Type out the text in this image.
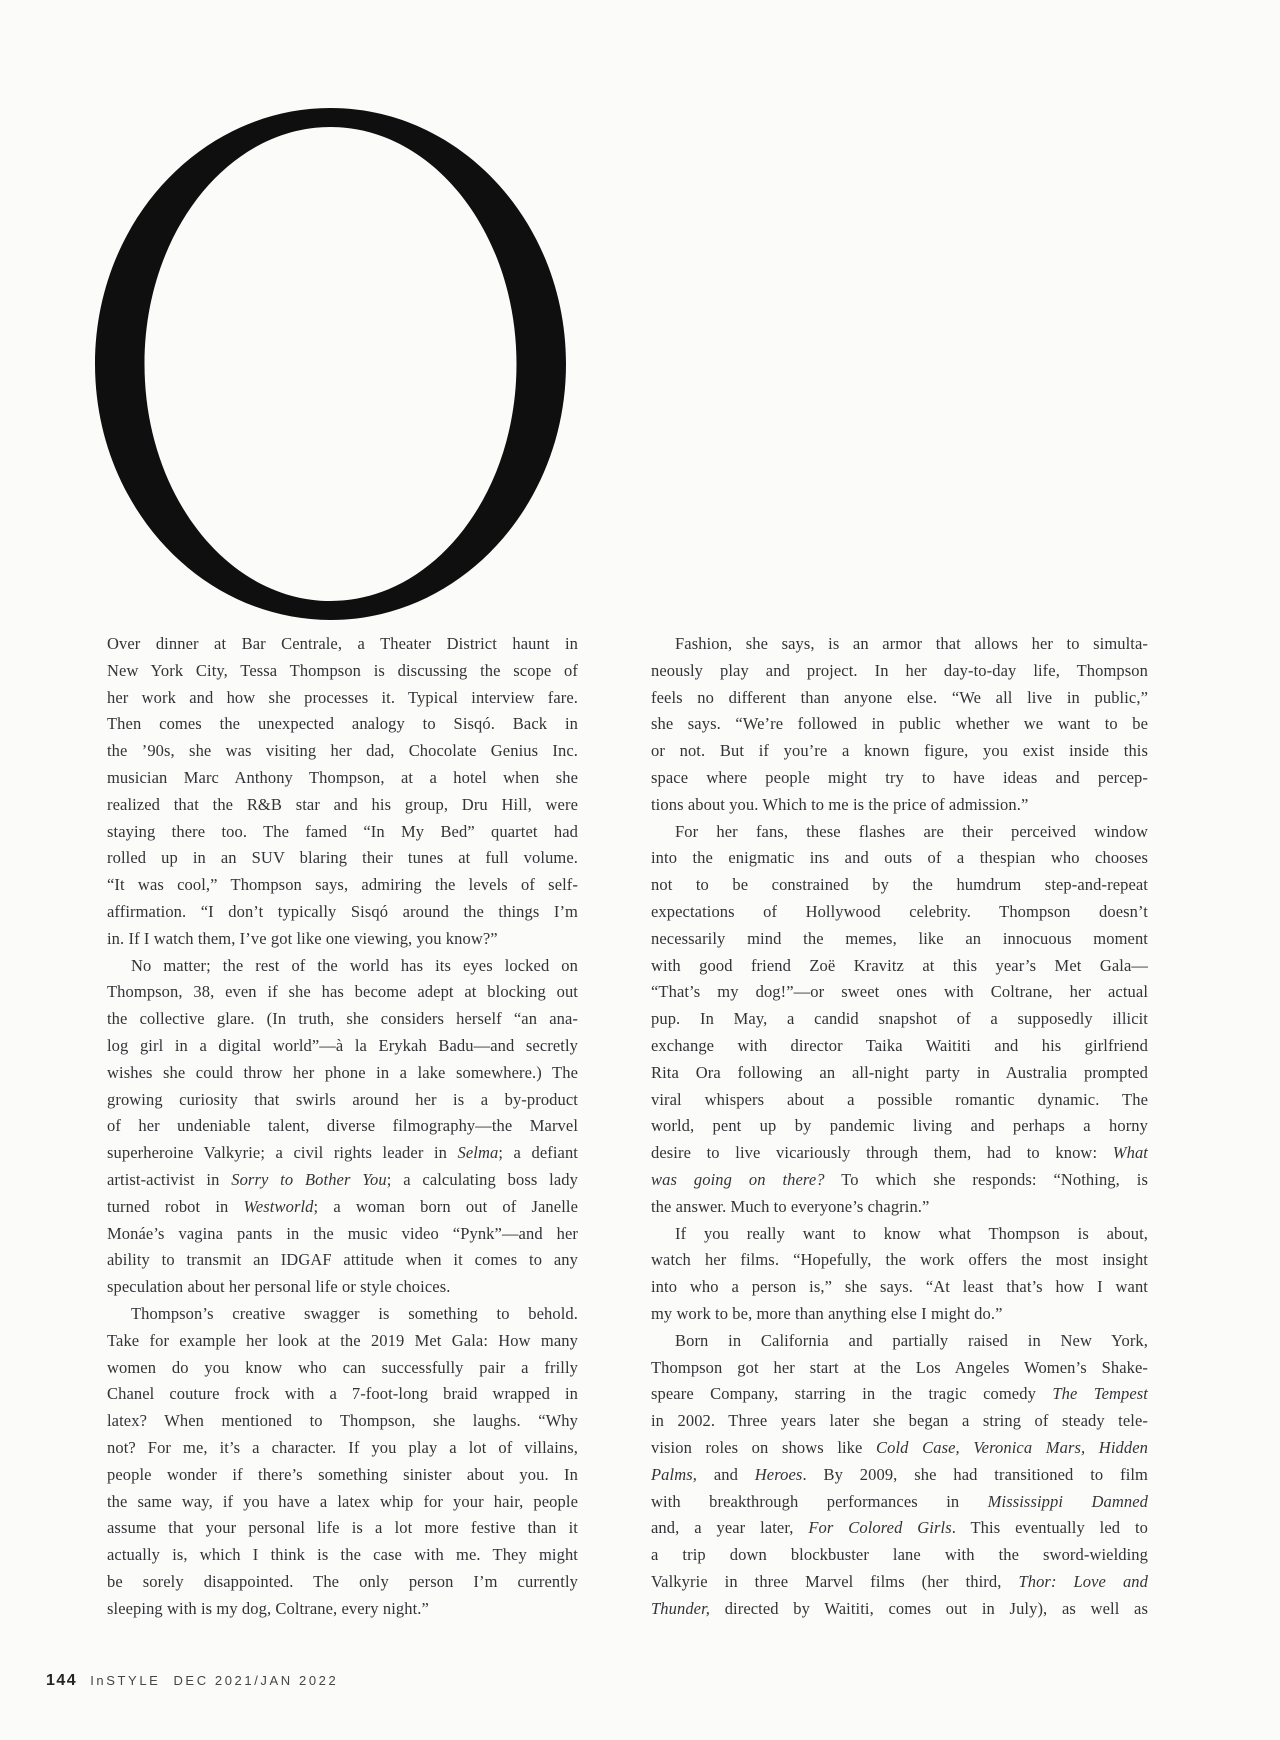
Over dinner at Bar Centrale, a Theater District haunt in
New York City, Tessa Thompson is discussing the scope of
her work and how she processes it. Typical interview fare.
Then comes the unexpected analogy to Sisqó. Back in
the ’90s, she was visiting her dad, Chocolate Genius Inc.
musician Marc Anthony Thompson, at a hotel when she
realized that the R&B star and his group, Dru Hill, were
staying there too. The famed “In My Bed” quartet had
rolled up in an SUV blaring their tunes at full volume.
“It was cool,” Thompson says, admiring the levels of self-
affirmation. “I don’t typically Sisqó around the things I’m
in. If I watch them, I’ve got like one viewing, you know?”
No matter; the rest of the world has its eyes locked on
Thompson, 38, even if she has become adept at blocking out
the collective glare. (In truth, she considers herself “an ana-
log girl in a digital world”—à la Erykah Badu—and secretly
wishes she could throw her phone in a lake somewhere.) The
growing curiosity that swirls around her is a by-product
of her undeniable talent, diverse filmography—the Marvel
superheroine Valkyrie; a civil rights leader in Selma; a defiant
artist-activist in Sorry to Bother You; a calculating boss lady
turned robot in Westworld; a woman born out of Janelle
Monáe’s vagina pants in the music video “Pynk”—and her
ability to transmit an IDGAF attitude when it comes to any
speculation about her personal life or style choices.
Thompson’s creative swagger is something to behold.
Take for example her look at the 2019 Met Gala: How many
women do you know who can successfully pair a frilly
Chanel couture frock with a 7-foot-long braid wrapped in
latex? When mentioned to Thompson, she laughs. “Why
not? For me, it’s a character. If you play a lot of villains,
people wonder if there’s something sinister about you. In
the same way, if you have a latex whip for your hair, people
assume that your personal life is a lot more festive than it
actually is, which I think is the case with me. They might
be sorely disappointed. The only person I’m currently
sleeping with is my dog, Coltrane, every night.”
Fashion, she says, is an armor that allows her to simulta-
neously play and project. In her day-to-day life, Thompson
feels no different than anyone else. “We all live in public,”
she says. “We’re followed in public whether we want to be
or not. But if you’re a known figure, you exist inside this
space where people might try to have ideas and percep-
tions about you. Which to me is the price of admission.”
For her fans, these flashes are their perceived window
into the enigmatic ins and outs of a thespian who chooses
not to be constrained by the humdrum step-and-repeat
expectations of Hollywood celebrity. Thompson doesn’t
necessarily mind the memes, like an innocuous moment
with good friend Zoë Kravitz at this year’s Met Gala—
“That’s my dog!”—or sweet ones with Coltrane, her actual
pup. In May, a candid snapshot of a supposedly illicit
exchange with director Taika Waititi and his girlfriend
Rita Ora following an all-night party in Australia prompted
viral whispers about a possible romantic dynamic. The
world, pent up by pandemic living and perhaps a horny
desire to live vicariously through them, had to know: What
was going on there? To which she responds: “Nothing, is
the answer. Much to everyone’s chagrin.”
If you really want to know what Thompson is about,
watch her films. “Hopefully, the work offers the most insight
into who a person is,” she says. “At least that’s how I want
my work to be, more than anything else I might do.”
Born in California and partially raised in New York,
Thompson got her start at the Los Angeles Women’s Shake-
speare Company, starring in the tragic comedy The Tempest
in 2002. Three years later she began a string of steady tele-
vision roles on shows like Cold Case, Veronica Mars, Hidden
Palms, and Heroes. By 2009, she had transitioned to film
with breakthrough performances in Mississippi Damned
and, a year later, For Colored Girls. This eventually led to
a trip down blockbuster lane with the sword-wielding
Valkyrie in three Marvel films (her third, Thor: Love and
Thunder, directed by Waititi, comes out in July), as well as
144 InSTYLE DEC 2021/JAN 2022
